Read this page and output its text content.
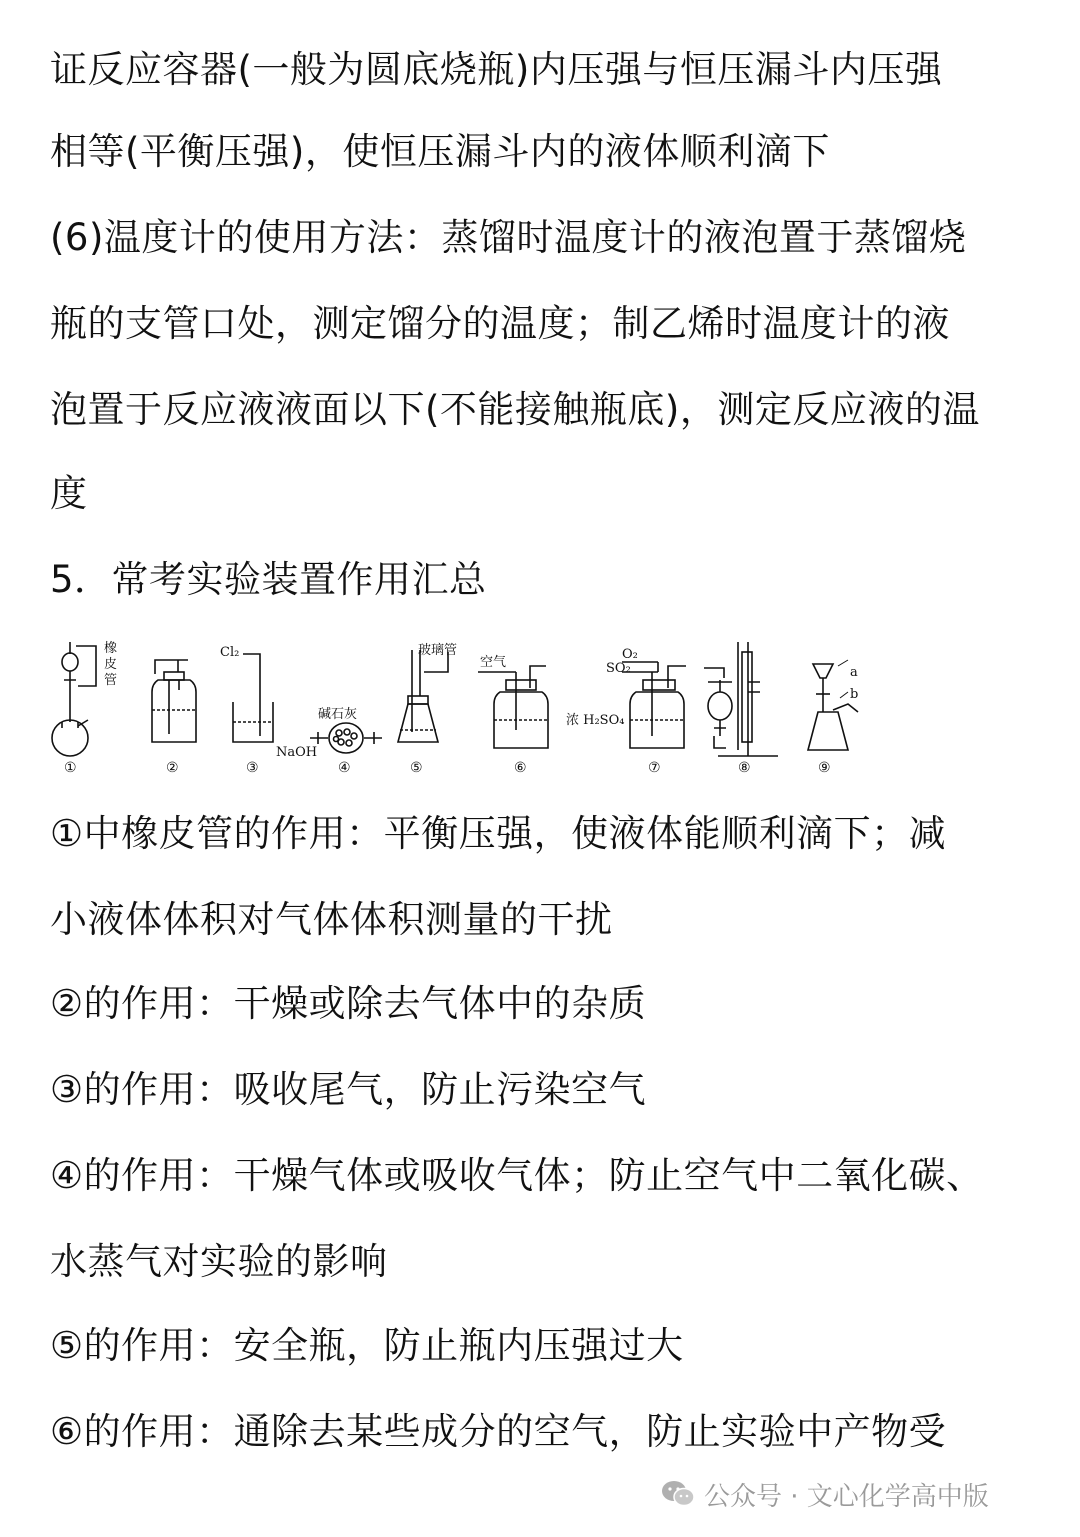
证反应容器(一般为圆底烧瓶)内压强与恒压漏斗内压强
相等(平衡压强)，使恒压漏斗内的液体顺利滴下
(6)温度计的使用方法：蒸馏时温度计的液泡置于蒸馏烧
瓶的支管口处，测定馏分的温度；制乙烯时温度计的液
泡置于反应液液面以下(不能接触瓶底)，测定反应液的温
度
5．常考实验装置作用汇总
橡
皮
管
Cl₂
NaOH
碱石灰
玻璃管
空气
O₂
SO₂
浓 H₂SO₄
a
b
①	②	③	④	⑤	⑥	⑦	⑧	⑨
①中橡皮管的作用：平衡压强，使液体能顺利滴下；减
小液体体积对气体体积测量的干扰
②的作用：干燥或除去气体中的杂质
③的作用：吸收尾气，防止污染空气
④的作用：干燥气体或吸收气体；防止空气中二氧化碳、
水蒸气对实验的影响
⑤的作用：安全瓶，防止瓶内压强过大
⑥的作用：通除去某些成分的空气，防止实验中产物受
公众号 · 文心化学高中版
